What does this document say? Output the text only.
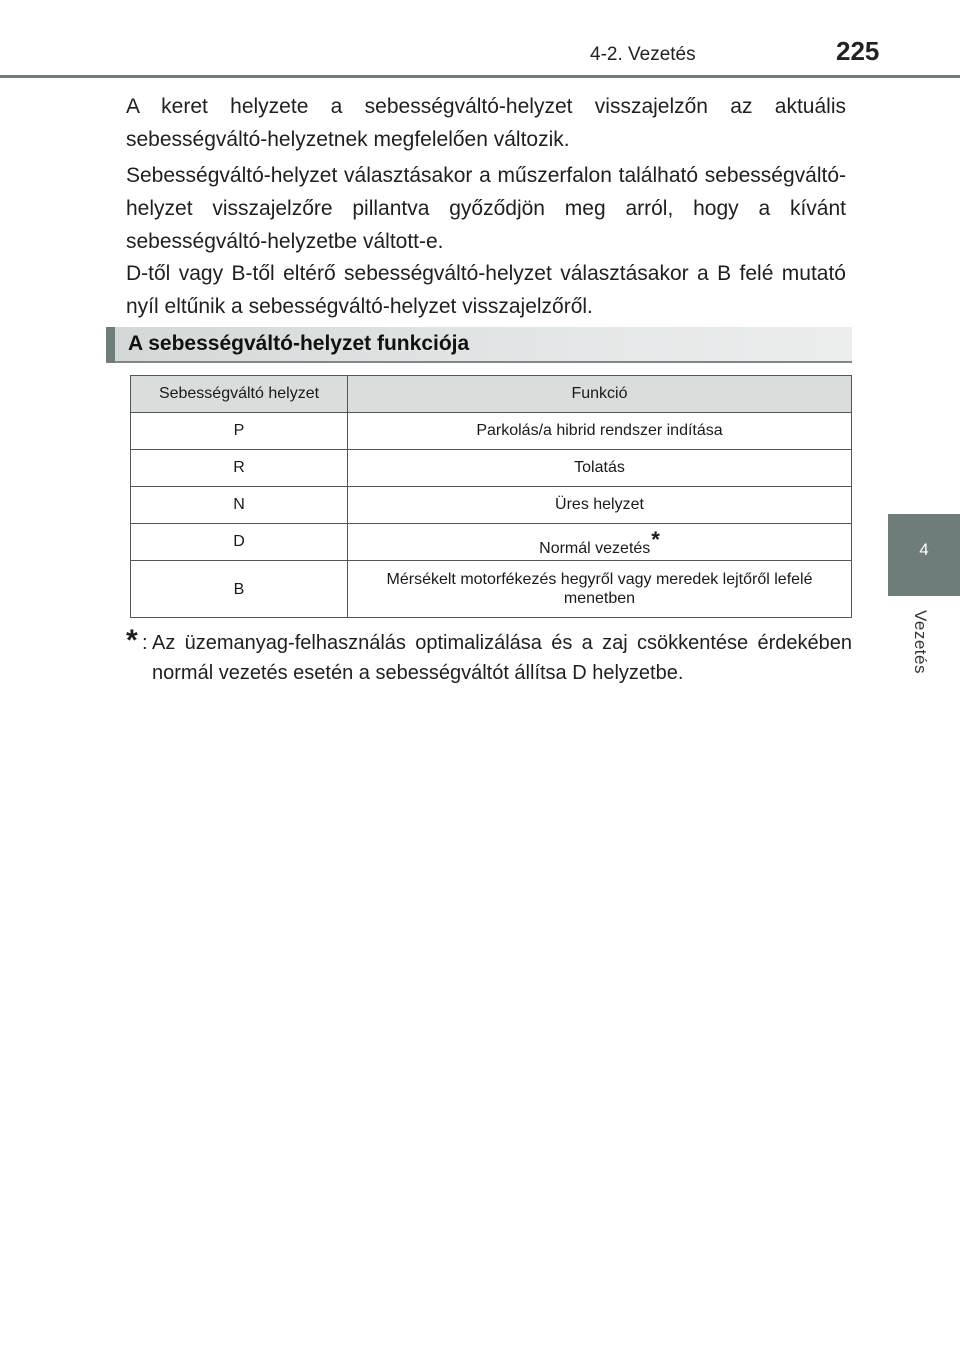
4-2. Vezetés	225
4
Vezetés

A keret helyzete a sebességváltó-helyzet visszajelzőn az aktuális sebességváltó-helyzetnek megfelelően változik.

Sebességváltó-helyzet választásakor a műszerfalon található sebességváltó-helyzet visszajelzőre pillantva győződjön meg arról, hogy a kívánt sebességváltó-helyzetbe váltott-e.

D-től vagy B-től eltérő sebességváltó-helyzet választásakor a B felé mutató nyíl eltűnik a sebességváltó-helyzet visszajelzőről.

A sebességváltó-helyzet funkciója
Sebességváltó helyzet	Funkció
P	Parkolás/a hibrid rendszer indítása
R	Tolatás
N	Üres helyzet
D	Normál vezetés*
B	Mérsékelt motorfékezés hegyről vagy meredek lejtőről lefelé menetben
* : Az üzemanyag-felhasználás optimalizálása és a zaj csökkentése érdekében normál vezetés esetén a sebességváltót állítsa D helyzetbe.
